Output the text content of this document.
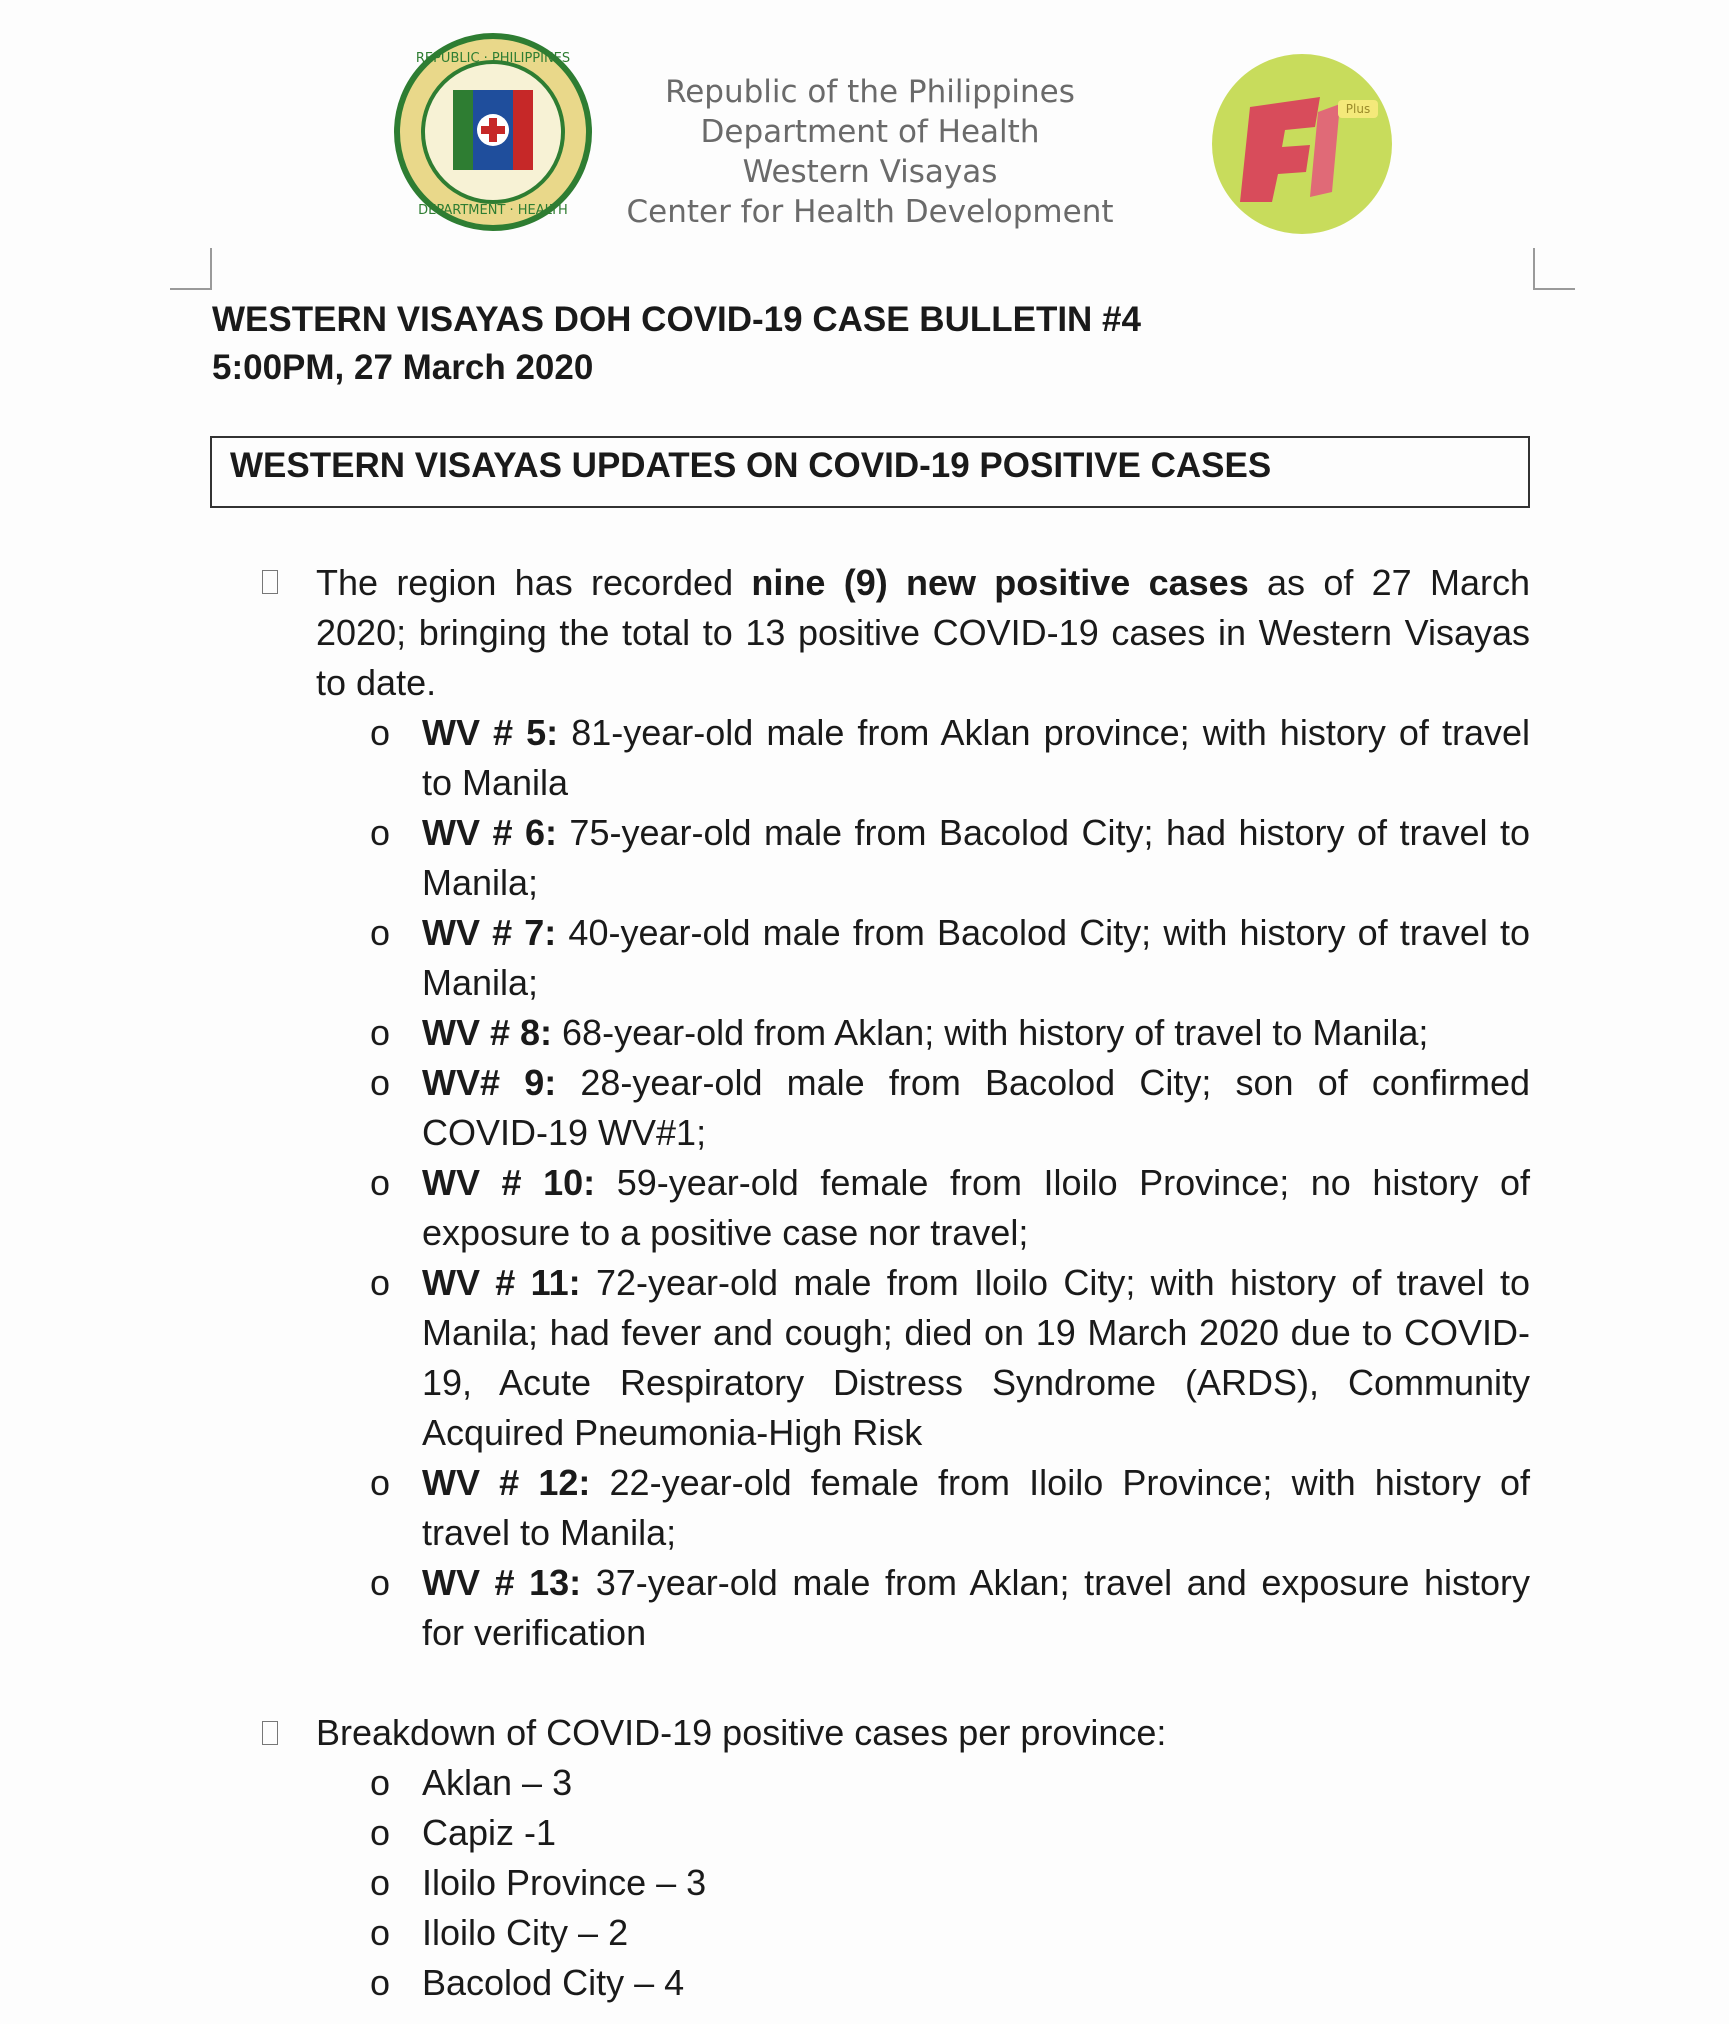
REPUBLIC · PHILIPPINES
DEPARTMENT · HEALTH
Republic of the Philippines
Department of Health
Western Visayas
Center for Health Development
Plus
WESTERN VISAYAS DOH COVID-19 CASE BULLETIN #4
5:00PM, 27 March 2020
WESTERN VISAYAS UPDATES ON COVID-19 POSITIVE CASES

The region has recorded nine (9) new positive cases as of 27 March 2020; bringing the total to 13 positive COVID-19 cases in Western Visayas to date.

o WV # 5: 81-year-old male from Aklan province; with history of travel to Manila
o WV # 6: 75-year-old male from Bacolod City; had history of travel to Manila;
o WV # 7: 40-year-old male from Bacolod City; with history of travel to Manila;
o WV # 8: 68-year-old from Aklan; with history of travel to Manila;
o WV# 9: 28-year-old male from Bacolod City; son of confirmed COVID-19 WV#1;
o WV # 10: 59-year-old female from Iloilo Province; no history of exposure to a positive case nor travel;
o WV # 11: 72-year-old male from Iloilo City; with history of travel to Manila; had fever and cough; died on 19 March 2020 due to COVID-19, Acute Respiratory Distress Syndrome (ARDS), Community Acquired Pneumonia-High Risk
o WV # 12: 22-year-old female from Iloilo Province; with history of travel to Manila;
o WV # 13: 37-year-old male from Aklan; travel and exposure history for verification

Breakdown of COVID-19 positive cases per province:

o Aklan – 3
o Capiz -1
o Iloilo Province – 3
o Iloilo City – 2
o Bacolod City – 4
